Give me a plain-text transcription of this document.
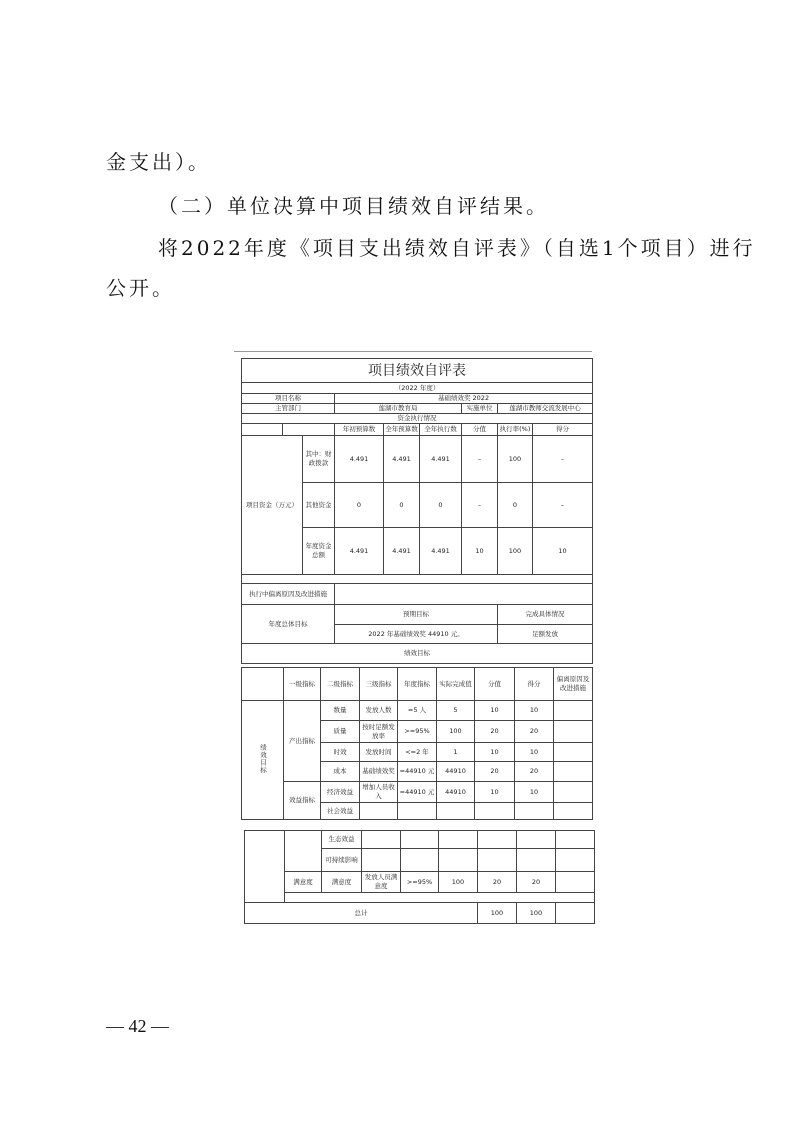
金支出）。
（二）单位决算中项目绩效自评结果。
将2022年度《项目支出绩效自评表》（自选1个项目）进行
公开。
项目绩效自评表								
（2022 年度）								
项目名称			基础绩效奖 2022					
主管部门			莲湖市教育局			实施单位	莲湖市教师交流发展中心	
资金执行情况								
			年初预算数	全年预算数	全年执行数	分值	执行率(%)	得分
项目资金（万元）		其中：财政拨款	4.491	4.491	4.491	–	100	–
		其他资金	0	0	0	–	0	–
		年度资金总额	4.491	4.491	4.491	10	100	10

执行中偏离原因及改进措施								
年度总体目标			预期目标				完成具体情况	
			2022 年基础绩效奖 44910 元。				足额发放	
绩效目标								
	一级指标	二级指标	三级指标	年度指标	实际完成值	分值	得分	偏离原因及改进措施
绩效目标	产出指标	数量	发放人数	=5 人	5	10	10	
		质量	按时足额发放率	>=95%	100	20	20	
		时效	发放时间	<=2 年	1	10	10	
		成本	基础绩效奖	=44910 元	44910	20	20	
	效益指标	经济效益	增加人员收入	=44910 元	44910	10	10	
		社会效益						
		生态效益						
		可持续影响						
	满意度	满意度	发放人员满意度	>=95%	100	20	20	

总计						100	100	
— 42 —
